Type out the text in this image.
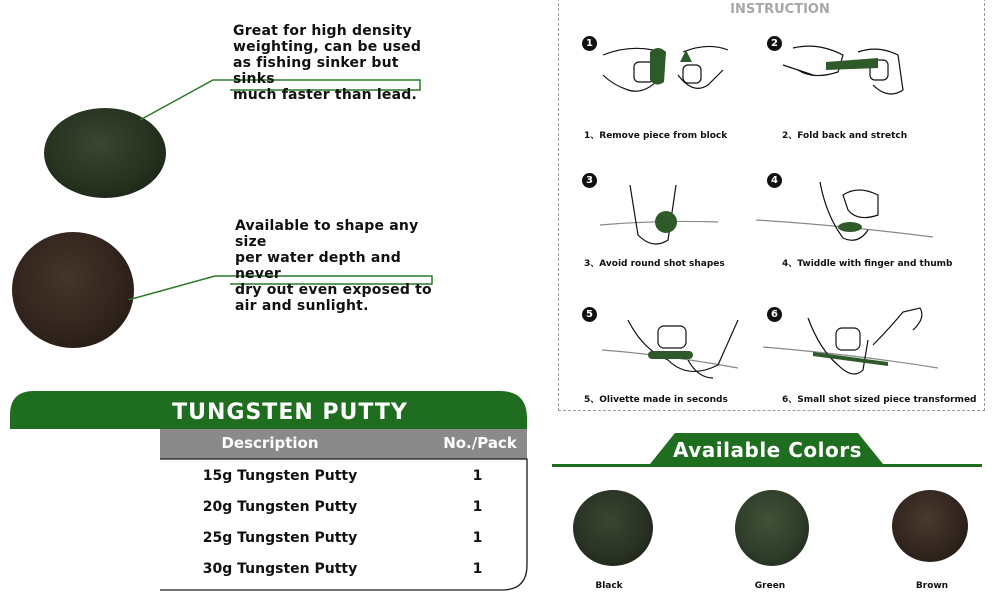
Great for high density
weighting, can be used
as fishing sinker but sinks
much faster than lead.
Available to shape any size
per water depth and never
dry out even exposed to
air and sunlight.
TUNGSTEN PUTTY
Description	No./Pack
15g Tungsten Putty	1
20g Tungsten Putty	1
25g Tungsten Putty	1
30g Tungsten Putty	1
INSTRUCTION
1
1、Remove piece from block
2
2、Fold back and stretch
3
3、Avoid round shot shapes
4
4、Twiddle with finger and thumb
5
5、Olivette made in seconds
6
6、Small shot sized piece transformed
Available Colors
Black	Green	Brown
